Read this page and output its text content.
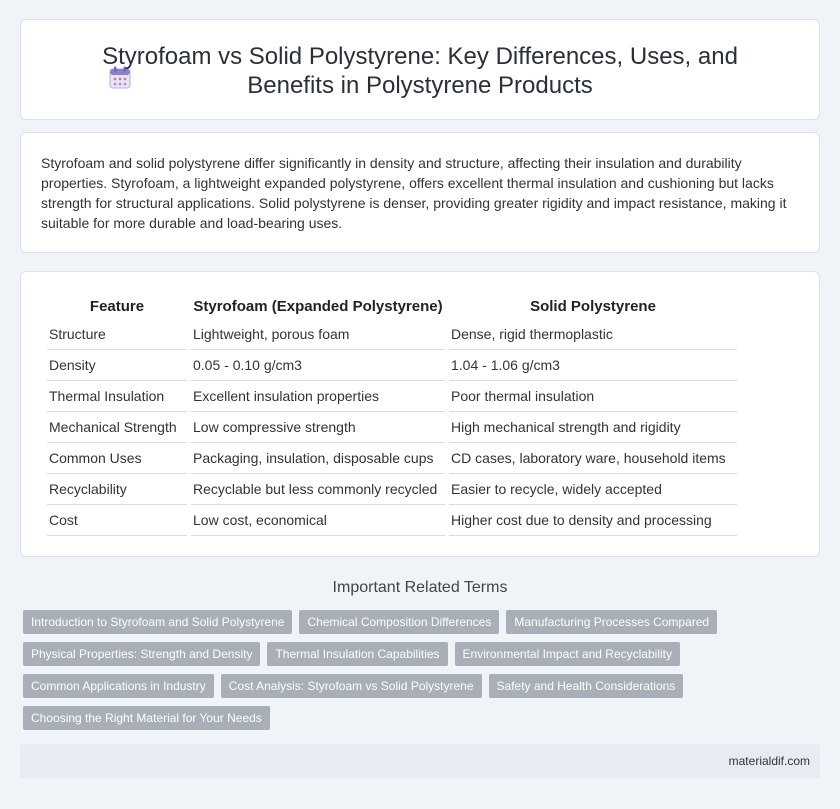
Styrofoam vs Solid Polystyrene: Key Differences, Uses, and Benefits in Polystyrene Products

Styrofoam and solid polystyrene differ significantly in density and structure, affecting their insulation and durability properties. Styrofoam, a lightweight expanded polystyrene, offers excellent thermal insulation and cushioning but lacks strength for structural applications. Solid polystyrene is denser, providing greater rigidity and impact resistance, making it suitable for more durable and load-bearing uses.

Feature	Styrofoam (Expanded Polystyrene)	Solid Polystyrene
Structure	Lightweight, porous foam	Dense, rigid thermoplastic
Density	0.05 - 0.10 g/cm3	1.04 - 1.06 g/cm3
Thermal Insulation	Excellent insulation properties	Poor thermal insulation
Mechanical Strength	Low compressive strength	High mechanical strength and rigidity
Common Uses	Packaging, insulation, disposable cups	CD cases, laboratory ware, household items
Recyclability	Recyclable but less commonly recycled	Easier to recycle, widely accepted
Cost	Low cost, economical	Higher cost due to density and processing
Important Related Terms
Introduction to Styrofoam and Solid Polystyrene	Chemical Composition Differences	Manufacturing Processes Compared
Physical Properties: Strength and Density	Thermal Insulation Capabilities	Environmental Impact and Recyclability
Common Applications in Industry	Cost Analysis: Styrofoam vs Solid Polystyrene	Safety and Health Considerations
Choosing the Right Material for Your Needs
materialdif.com
